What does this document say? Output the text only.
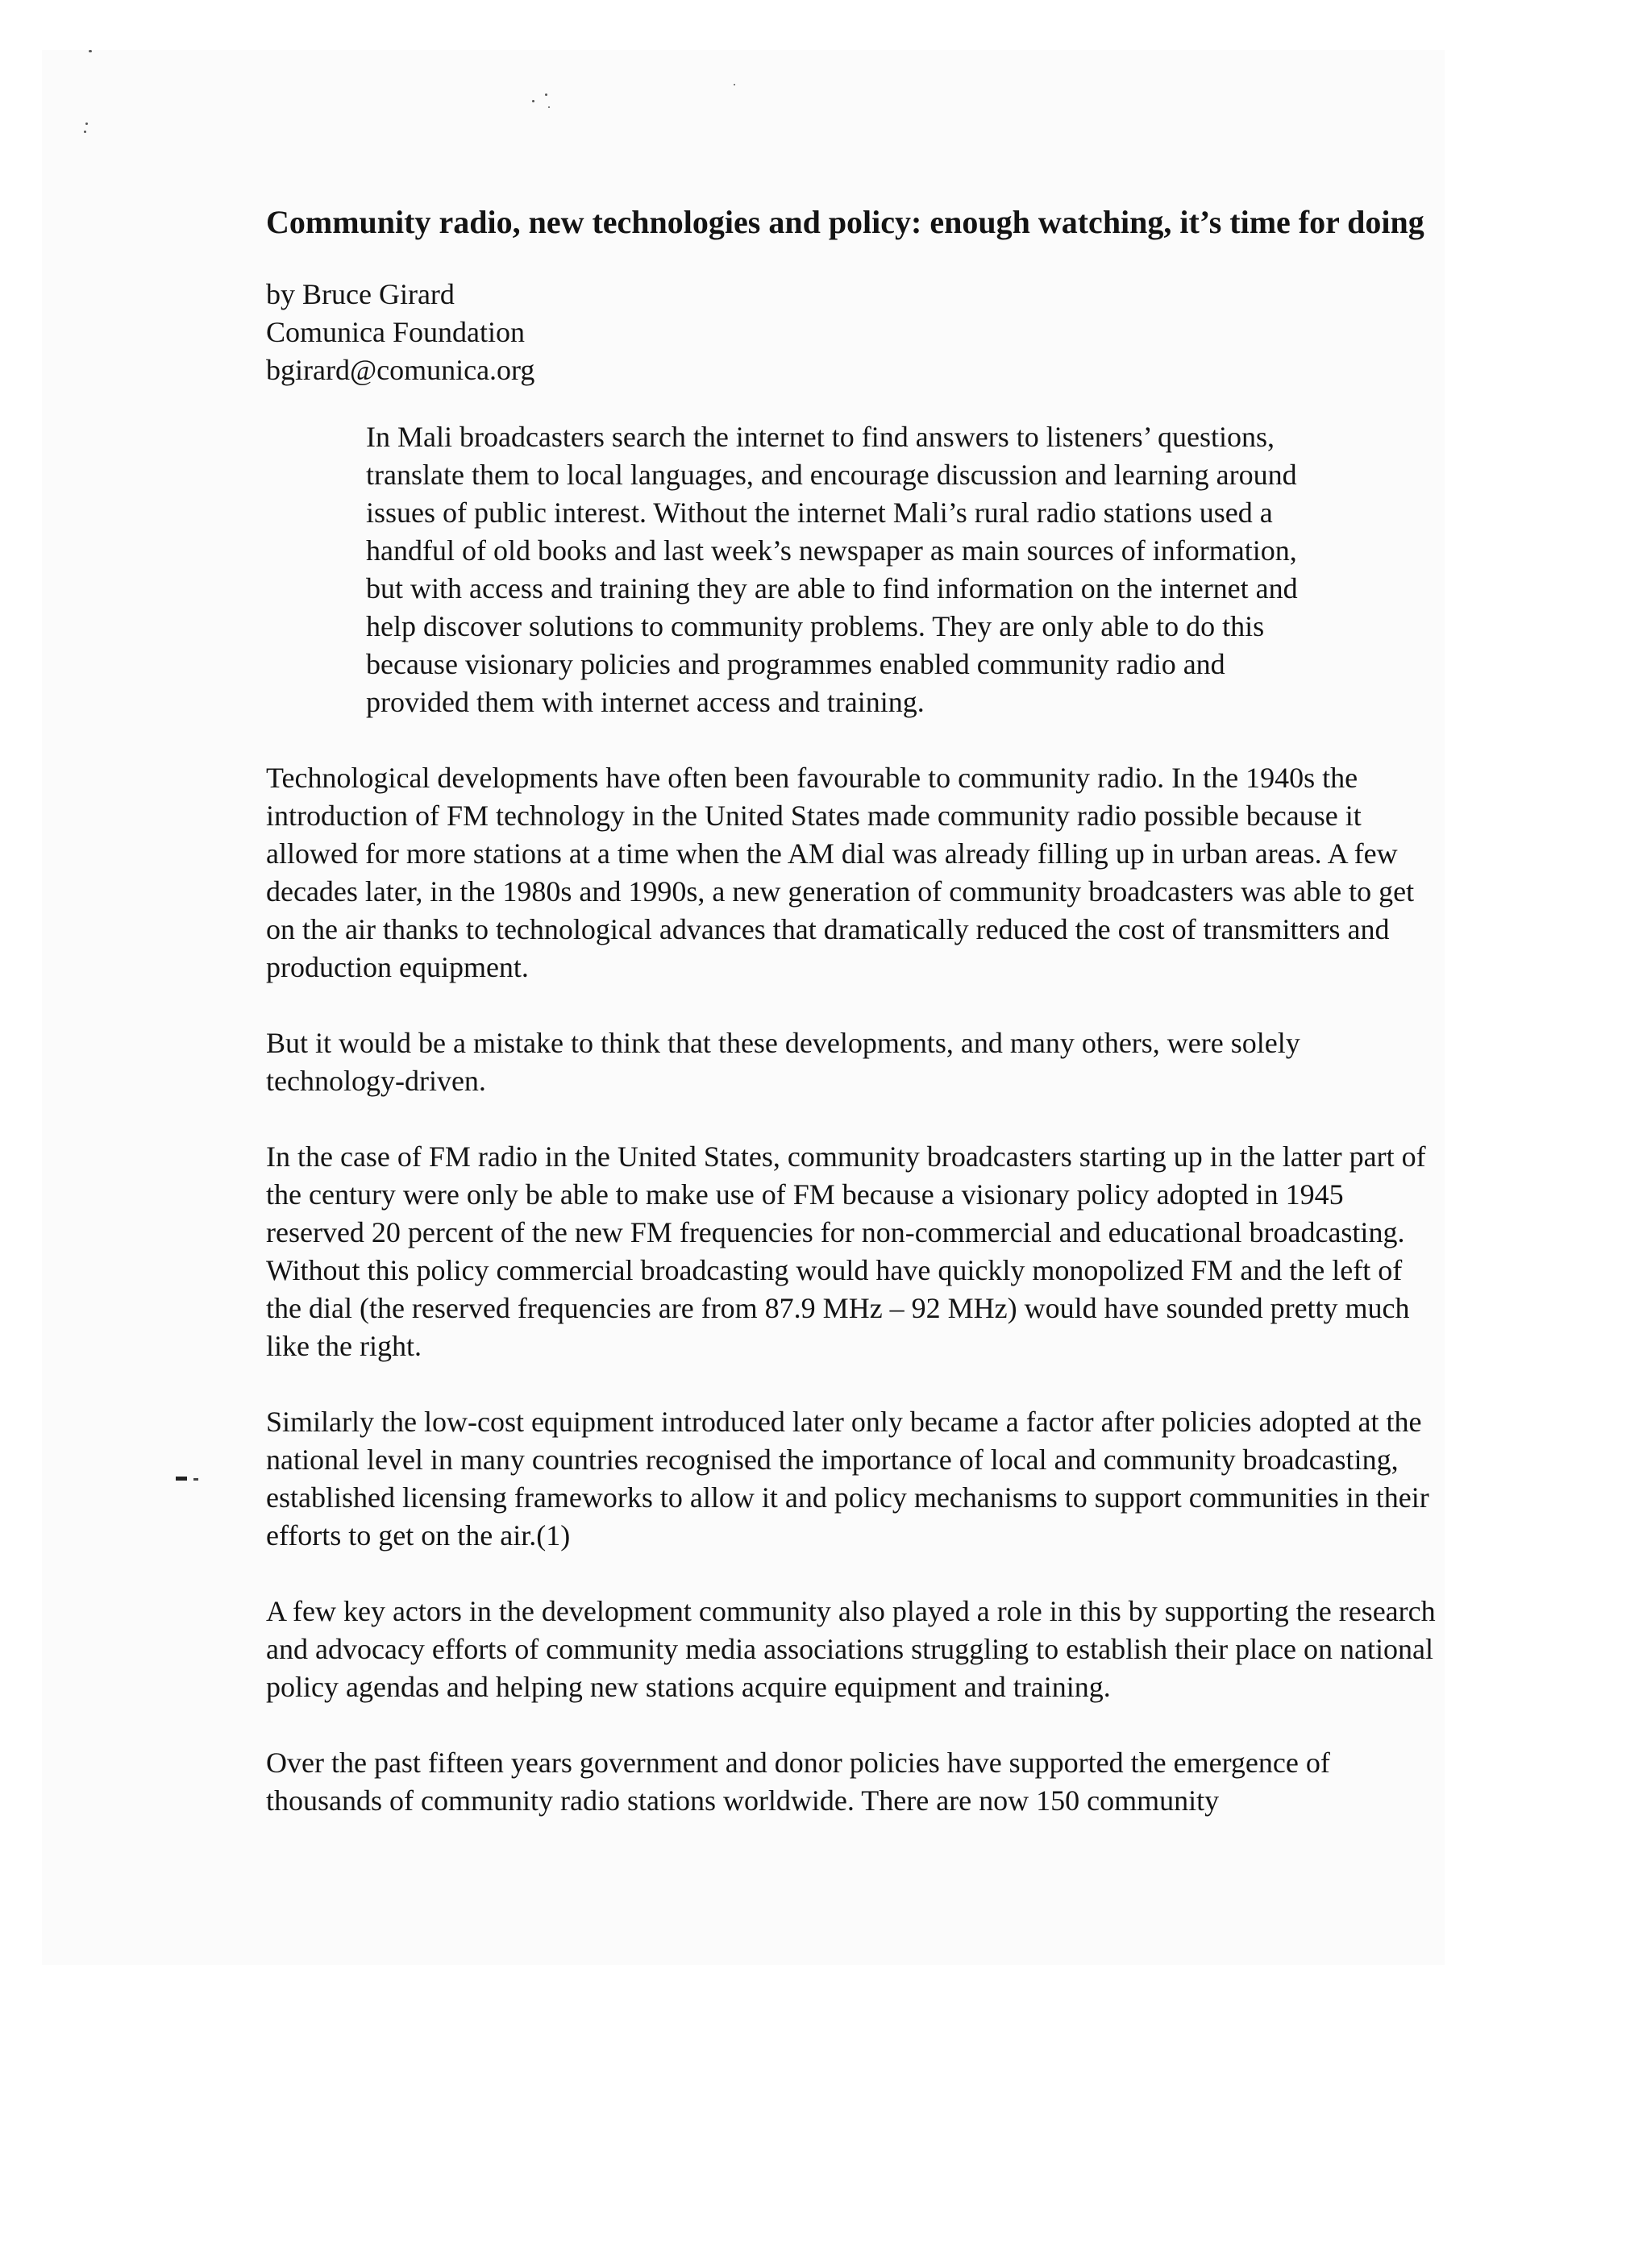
Community radio, new technologies and policy: enough watching, it’s time for doing
by Bruce Girard
Comunica Foundation
bgirard@comunica.org
In Mali broadcasters search the internet to find answers to listeners’ questions, translate them to local languages, and encourage discussion and learning around issues of public interest. Without the internet Mali’s rural radio stations used a handful of old books and last week’s newspaper as main sources of information, but with access and training they are able to find information on the internet and help discover solutions to community problems. They are only able to do this because visionary policies and programmes enabled community radio and provided them with internet access and training.

Technological developments have often been favourable to community radio. In the 1940s the introduction of FM technology in the United States made community radio possible because it allowed for more stations at a time when the AM dial was already filling up in urban areas. A few decades later, in the 1980s and 1990s, a new generation of community broadcasters was able to get on the air thanks to technological advances that dramatically reduced the cost of transmitters and production equipment.

But it would be a mistake to think that these developments, and many others, were solely technology-driven.

In the case of FM radio in the United States, community broadcasters starting up in the latter part of the century were only be able to make use of FM because a visionary policy adopted in 1945 reserved 20 percent of the new FM frequencies for non-commercial and educational broadcasting. Without this policy commercial broadcasting would have quickly monopolized FM and the left of the dial (the reserved frequencies are from 87.9 MHz – 92 MHz) would have sounded pretty much like the right.

Similarly the low-cost equipment introduced later only became a factor after policies adopted at the national level in many countries recognised the importance of local and community broadcasting, established licensing frameworks to allow it and policy mechanisms to support communities in their efforts to get on the air.(1)

A few key actors in the development community also played a role in this by supporting the research and advocacy efforts of community media associations struggling to establish their place on national policy agendas and helping new stations acquire equipment and training.

Over the past fifteen years government and donor policies have supported the emergence of thousands of community radio stations worldwide. There are now 150 community
